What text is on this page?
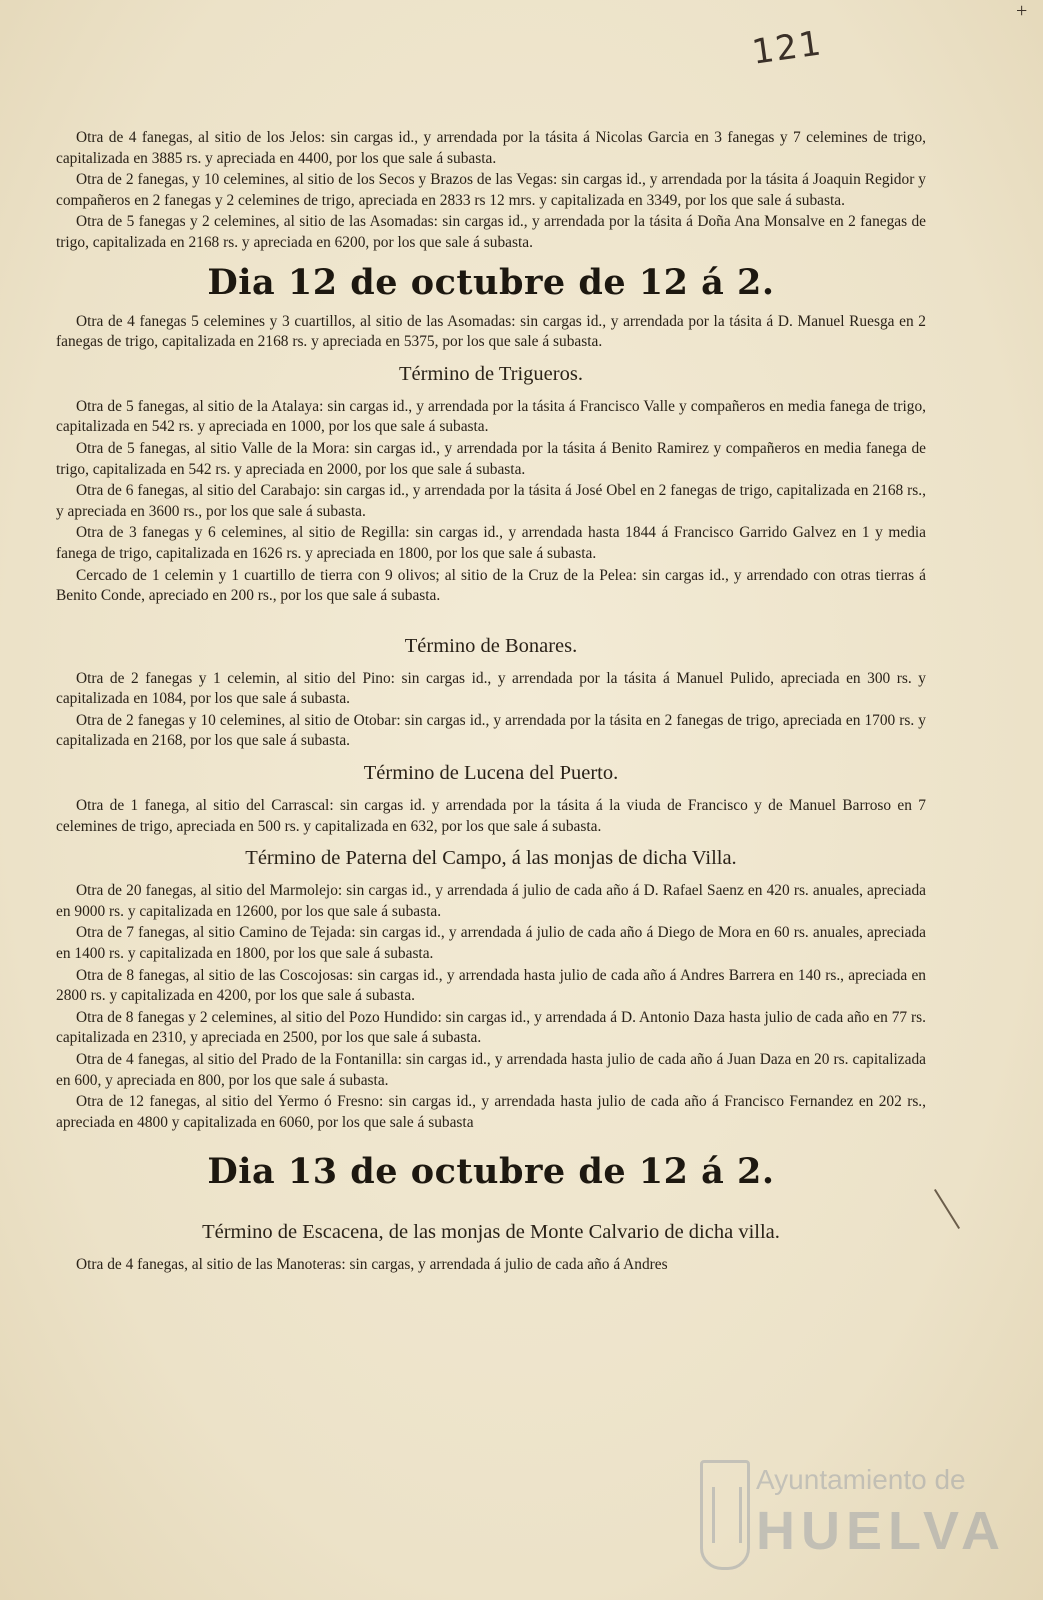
121
+

Otra de 4 fanegas, al sitio de los Jelos: sin cargas id., y arrendada por la tásita á Nicolas Garcia en 3 fanegas y 7 celemines de trigo, capitalizada en 3885 rs. y apreciada en 4400, por los que sale á subasta.

Otra de 2 fanegas, y 10 celemines, al sitio de los Secos y Brazos de las Vegas: sin cargas id., y arrendada por la tásita á Joaquin Regidor y compañeros en 2 fanegas y 2 celemines de trigo, apreciada en 2833 rs 12 mrs. y capitalizada en 3349, por los que sale á subasta.

Otra de 5 fanegas y 2 celemines, al sitio de las Asomadas: sin cargas id., y arrendada por la tásita á Doña Ana Monsalve en 2 fanegas de trigo, capitalizada en 2168 rs. y apreciada en 6200, por los que sale á subasta.

Dia 12 de octubre de 12 á 2.

Otra de 4 fanegas 5 celemines y 3 cuartillos, al sitio de las Asomadas: sin cargas id., y arrendada por la tásita á D. Manuel Ruesga en 2 fanegas de trigo, capitalizada en 2168 rs. y apreciada en 5375, por los que sale á subasta.

Término de Trigueros.

Otra de 5 fanegas, al sitio de la Atalaya: sin cargas id., y arrendada por la tásita á Francisco Valle y compañeros en media fanega de trigo, capitalizada en 542 rs. y apreciada en 1000, por los que sale á subasta.

Otra de 5 fanegas, al sitio Valle de la Mora: sin cargas id., y arrendada por la tásita á Benito Ramirez y compañeros en media fanega de trigo, capitalizada en 542 rs. y apreciada en 2000, por los que sale á subasta.

Otra de 6 fanegas, al sitio del Carabajo: sin cargas id., y arrendada por la tásita á José Obel en 2 fanegas de trigo, capitalizada en 2168 rs., y apreciada en 3600 rs., por los que sale á subasta.

Otra de 3 fanegas y 6 celemines, al sitio de Regilla: sin cargas id., y arrendada hasta 1844 á Francisco Garrido Galvez en 1 y media fanega de trigo, capitalizada en 1626 rs. y apreciada en 1800, por los que sale á subasta.

Cercado de 1 celemin y 1 cuartillo de tierra con 9 olivos; al sitio de la Cruz de la Pelea: sin cargas id., y arrendado con otras tierras á Benito Conde, apreciado en 200 rs., por los que sale á subasta.

Término de Bonares.

Otra de 2 fanegas y 1 celemin, al sitio del Pino: sin cargas id., y arrendada por la tásita á Manuel Pulido, apreciada en 300 rs. y capitalizada en 1084, por los que sale á subasta.

Otra de 2 fanegas y 10 celemines, al sitio de Otobar: sin cargas id., y arrendada por la tásita en 2 fanegas de trigo, apreciada en 1700 rs. y capitalizada en 2168, por los que sale á subasta.

Término de Lucena del Puerto.

Otra de 1 fanega, al sitio del Carrascal: sin cargas id. y arrendada por la tásita á la viuda de Francisco y de Manuel Barroso en 7 celemines de trigo, apreciada en 500 rs. y capitalizada en 632, por los que sale á subasta.

Término de Paterna del Campo, á las monjas de dicha Villa.

Otra de 20 fanegas, al sitio del Marmolejo: sin cargas id., y arrendada á julio de cada año á D. Rafael Saenz en 420 rs. anuales, apreciada en 9000 rs. y capitalizada en 12600, por los que sale á subasta.

Otra de 7 fanegas, al sitio Camino de Tejada: sin cargas id., y arrendada á julio de cada año á Diego de Mora en 60 rs. anuales, apreciada en 1400 rs. y capitalizada en 1800, por los que sale á subasta.

Otra de 8 fanegas, al sitio de las Coscojosas: sin cargas id., y arrendada hasta julio de cada año á Andres Barrera en 140 rs., apreciada en 2800 rs. y capitalizada en 4200, por los que sale á subasta.

Otra de 8 fanegas y 2 celemines, al sitio del Pozo Hundido: sin cargas id., y arrendada á D. Antonio Daza hasta julio de cada año en 77 rs. capitalizada en 2310, y apreciada en 2500, por los que sale á subasta.

Otra de 4 fanegas, al sitio del Prado de la Fontanilla: sin cargas id., y arrendada hasta julio de cada año á Juan Daza en 20 rs. capitalizada en 600, y apreciada en 800, por los que sale á subasta.

Otra de 12 fanegas, al sitio del Yermo ó Fresno: sin cargas id., y arrendada hasta julio de cada año á Francisco Fernandez en 202 rs., apreciada en 4800 y capitalizada en 6060, por los que sale á subasta

Dia 13 de octubre de 12 á 2.
Término de Escacena, de las monjas de Monte Calvario de dicha villa.

Otra de 4 fanegas, al sitio de las Manoteras: sin cargas, y arrendada á julio de cada año á Andres

Ayuntamiento de
HUELVA
